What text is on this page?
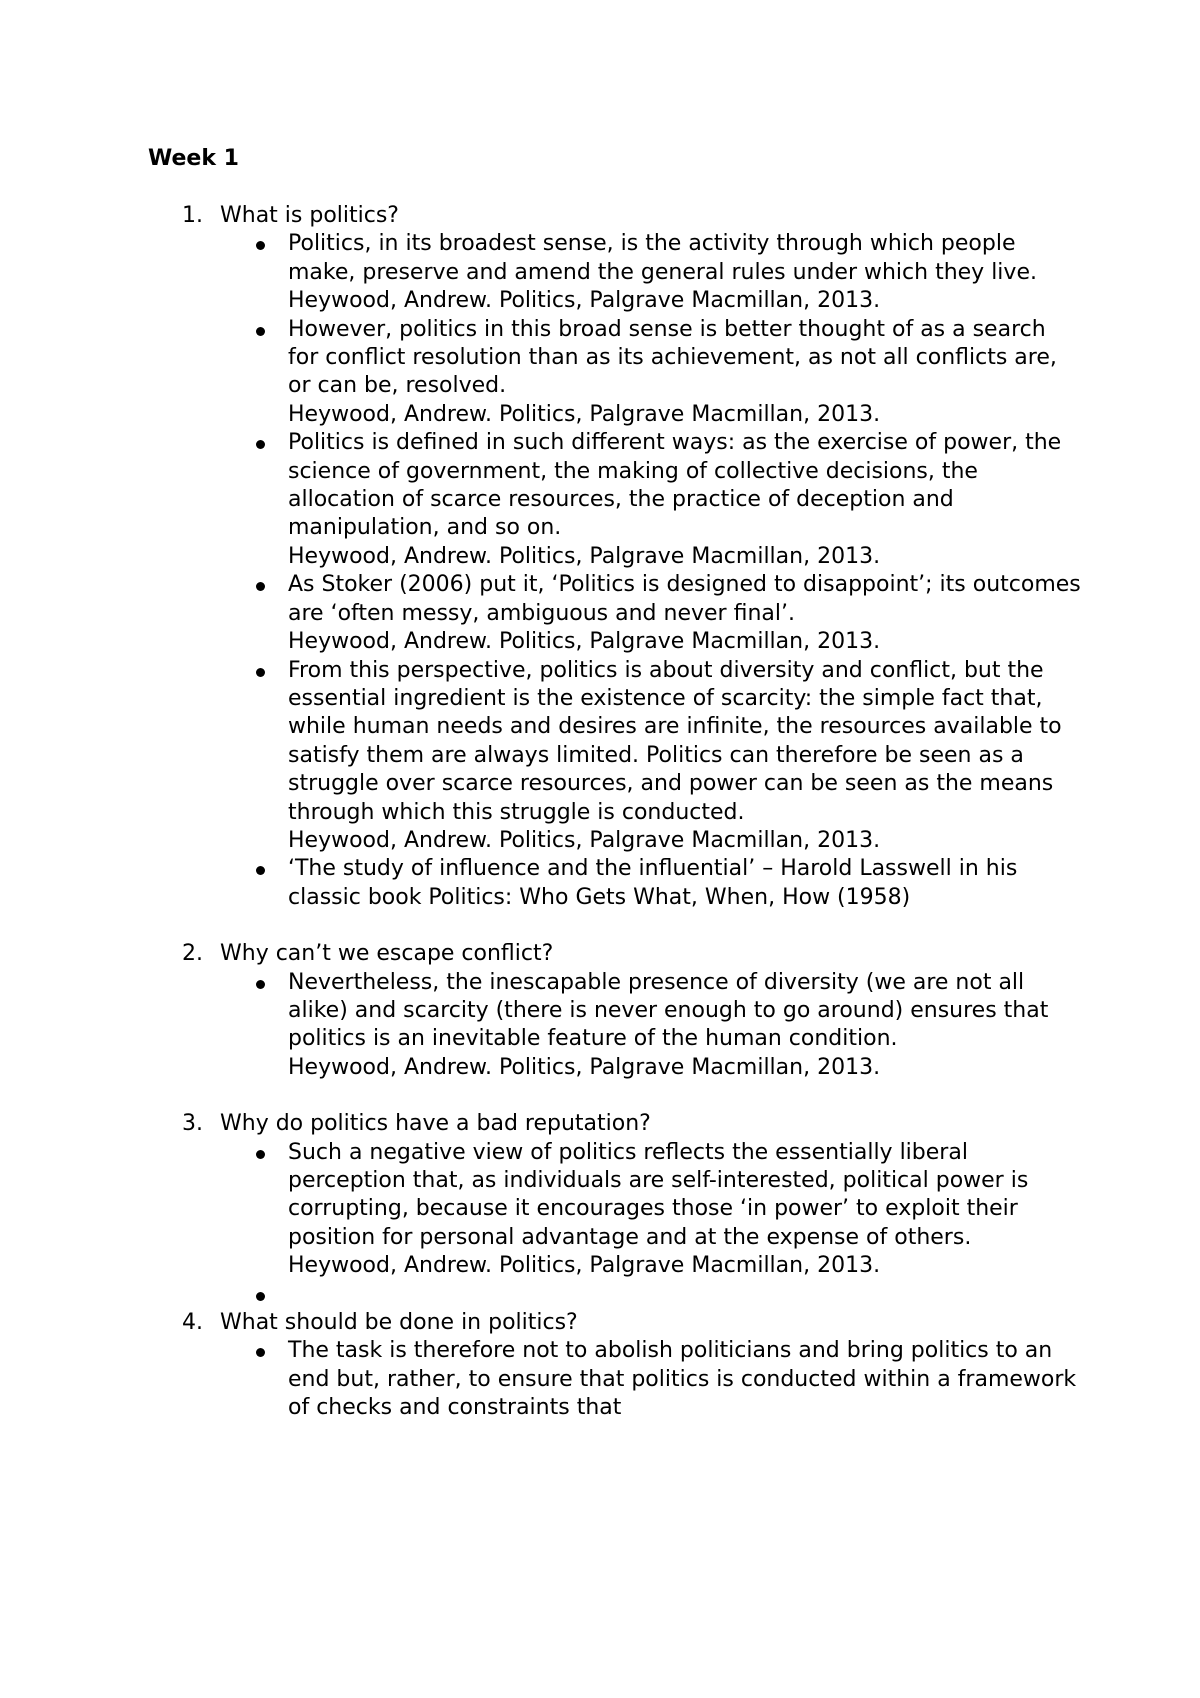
Week 1
1. What is politics?
Politics, in its broadest sense, is the activity through which people make, preserve and amend the general rules under which they live.
Heywood, Andrew. Politics, Palgrave Macmillan, 2013.
However, politics in this broad sense is better thought of as a search for conflict resolution than as its achievement, as not all conflicts are, or can be, resolved.
Heywood, Andrew. Politics, Palgrave Macmillan, 2013.
Politics is defined in such different ways: as the exercise of power, the science of government, the making of collective decisions, the allocation of scarce resources, the practice of deception and manipulation, and so on.
Heywood, Andrew. Politics, Palgrave Macmillan, 2013.
As Stoker (2006) put it, ‘Politics is designed to disappoint’; its outcomes are ‘often messy, ambiguous and never final’.
Heywood, Andrew. Politics, Palgrave Macmillan, 2013.
From this perspective, politics is about diversity and conflict, but the essential ingredient is the existence of scarcity: the simple fact that, while human needs and desires are infinite, the resources available to satisfy them are always limited. Politics can therefore be seen as a struggle over scarce resources, and power can be seen as the means through which this struggle is conducted.
Heywood, Andrew. Politics, Palgrave Macmillan, 2013.
‘The study of influence and the influential’ – Harold Lasswell in his classic book Politics: Who Gets What, When, How (1958)
2. Why can’t we escape conflict?
Nevertheless, the inescapable presence of diversity (we are not all alike) and scarcity (there is never enough to go around) ensures that politics is an inevitable feature of the human condition.
Heywood, Andrew. Politics, Palgrave Macmillan, 2013.
3. Why do politics have a bad reputation?
Such a negative view of politics reflects the essentially liberal perception that, as individuals are self-interested, political power is corrupting, because it encourages those ‘in power’ to exploit their position for personal advantage and at the expense of others.
Heywood, Andrew. Politics, Palgrave Macmillan, 2013.
4. What should be done in politics?
The task is therefore not to abolish politicians and bring politics to an end but, rather, to ensure that politics is conducted within a framework of checks and constraints that
